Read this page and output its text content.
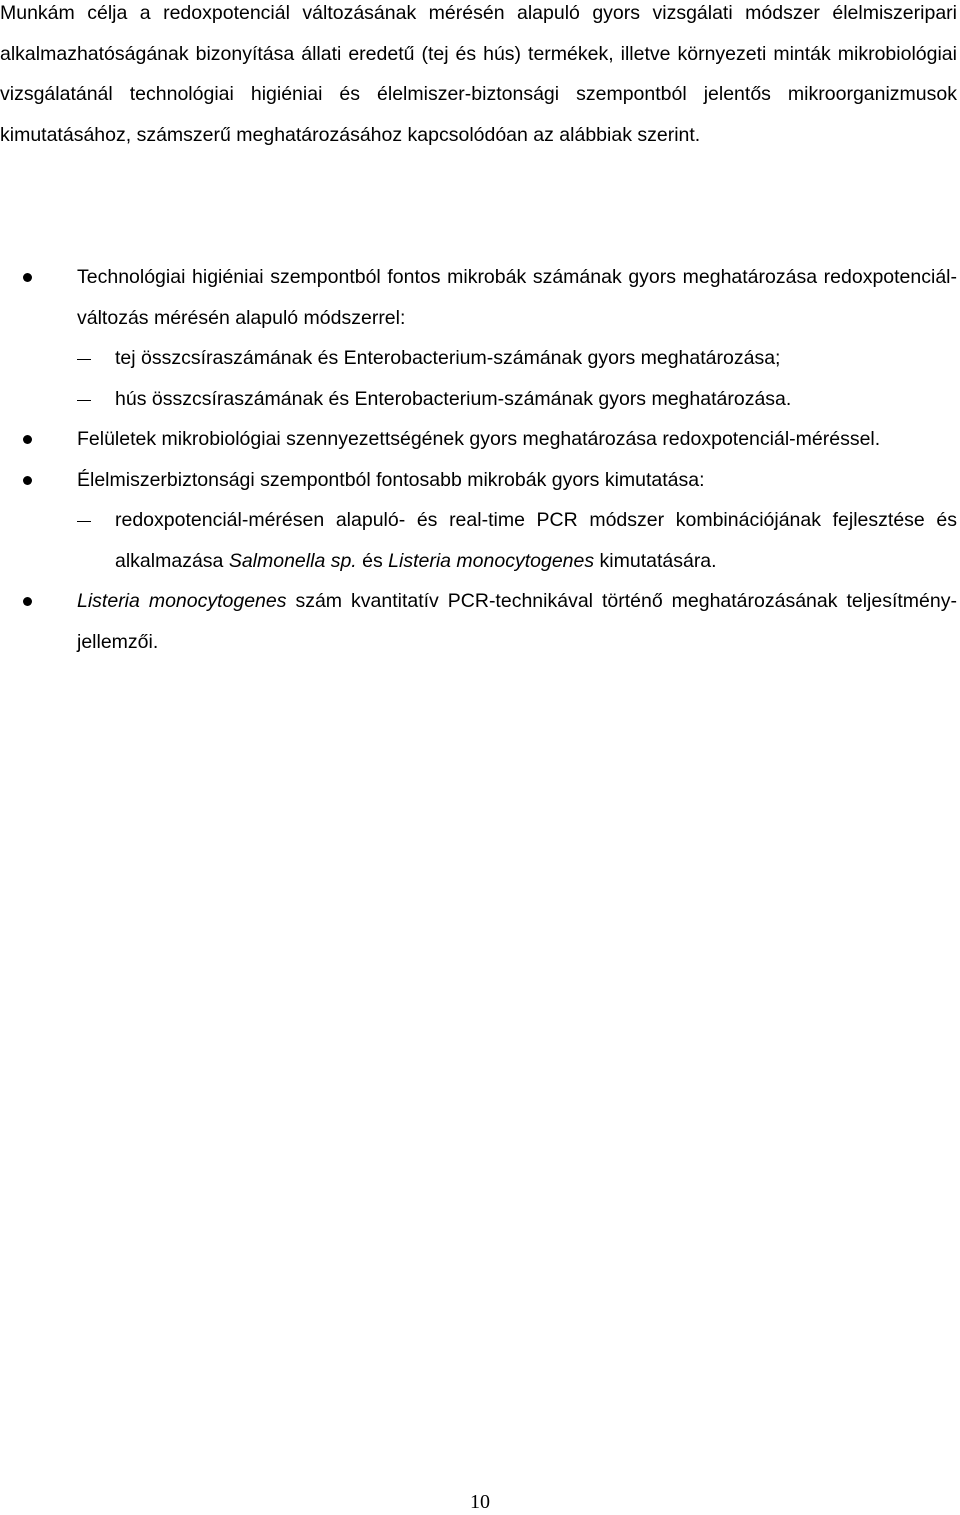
Munkám célja a redoxpotenciál változásának mérésén alapuló gyors vizsgálati módszer élelmiszeripari alkalmazhatóságának bizonyítása állati eredetű (tej és hús) termékek, illetve környezeti minták mikrobiológiai vizsgálatánál technológiai higiéniai és élelmiszer-biztonsági szempontból jelentős mikroorganizmusok kimutatásához, számszerű meghatározásához kapcsolódóan az alábbiak szerint.

Technológiai higiéniai szempontból fontos mikrobák számának gyors meghatározása redoxpotenciál-változás mérésén alapuló módszerrel:
tej összcsíraszámának és Enterobacterium-számának gyors meghatározása;
hús összcsíraszámának és Enterobacterium-számának gyors meghatározása.
Felületek mikrobiológiai szennyezettségének gyors meghatározása redoxpotenciál-méréssel.
Élelmiszerbiztonsági szempontból fontosabb mikrobák gyors kimutatása:
redoxpotenciál-mérésen alapuló- és real-time PCR módszer kombinációjának fejlesztése és alkalmazása Salmonella sp. és Listeria monocytogenes kimutatására.
Listeria monocytogenes szám kvantitatív PCR-technikával történő meghatározásának teljesítmény-jellemzői.
10
